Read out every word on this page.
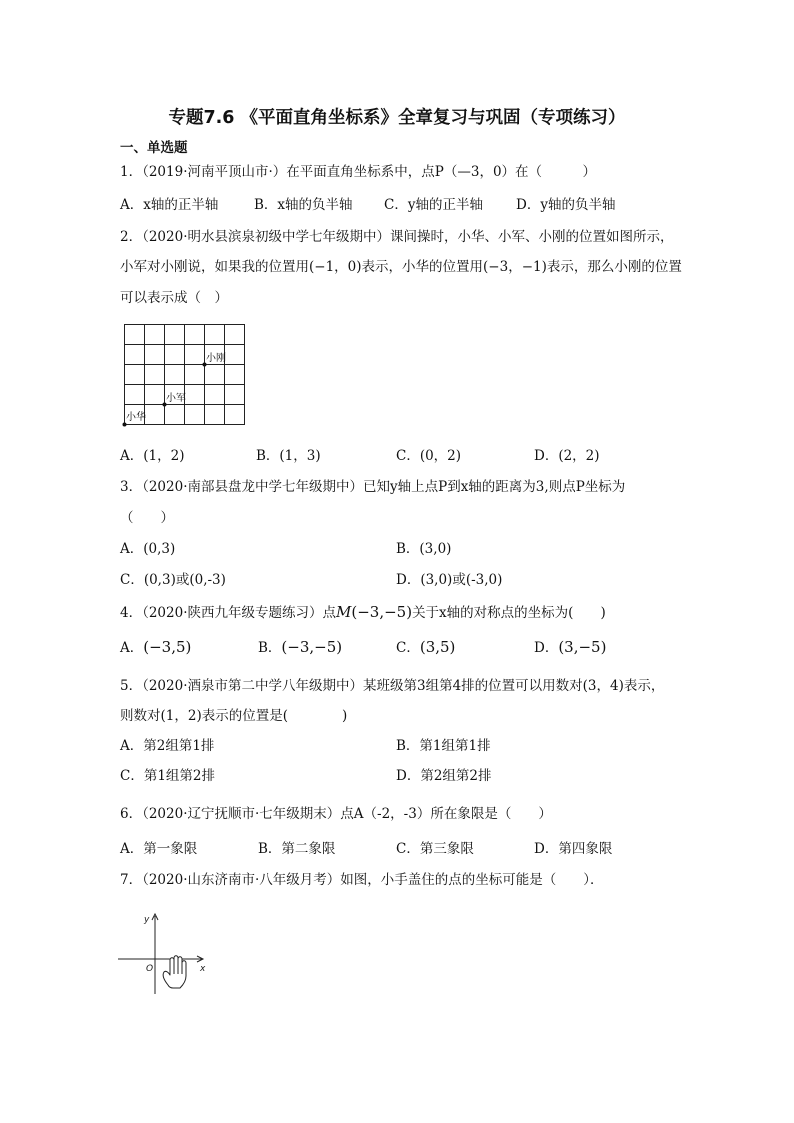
专题7.6 《平面直角坐标系》全章复习与巩固（专项练习）
一、单选题
1．（2019·河南平顶山市·）在平面直角坐标系中，点P（—3，0）在（　　　）
A．x轴的正半轴	B．x轴的负半轴 C．y轴的正半轴 D．y轴的负半轴
2．（2020·明水县滨泉初级中学七年级期中）课间操时，小华、小军、小刚的位置如图所示，
小军对小刚说，如果我的位置用(−1，0)表示，小华的位置用(−3，−1)表示，那么小刚的位置
可以表示成（　）
小刚
小军
小华
A．(1，2)	B．(1，3)	C．(0，2)	D．(2，2)
3．（2020·南部县盘龙中学七年级期中）已知y轴上点P到x轴的距离为3,则点P坐标为
（　　）
A．(0,3)	B．(3,0)
C．(0,3)或(0,-3)	D．(3,0)或(-3,0)
4．（2020·陕西九年级专题练习）点M(−3,−5)关于x轴的对称点的坐标为(　　)
A．(−3,5)	B．(−3,−5)	C．(3,5)	D．(3,−5)
5．（2020·酒泉市第二中学八年级期中）某班级第3组第4排的位置可以用数对(3，4)表示，
则数对(1，2)表示的位置是(　　　　)
A．第2组第1排	B．第1组第1排
C．第1组第2排	D．第2组第2排
6．（2020·辽宁抚顺市·七年级期末）点A（-2，-3）所在象限是（　　）
A．第一象限	B．第二象限	C．第三象限	D．第四象限
7．（2020·山东济南市·八年级月考）如图，小手盖住的点的坐标可能是（　　）．
y
x
O
